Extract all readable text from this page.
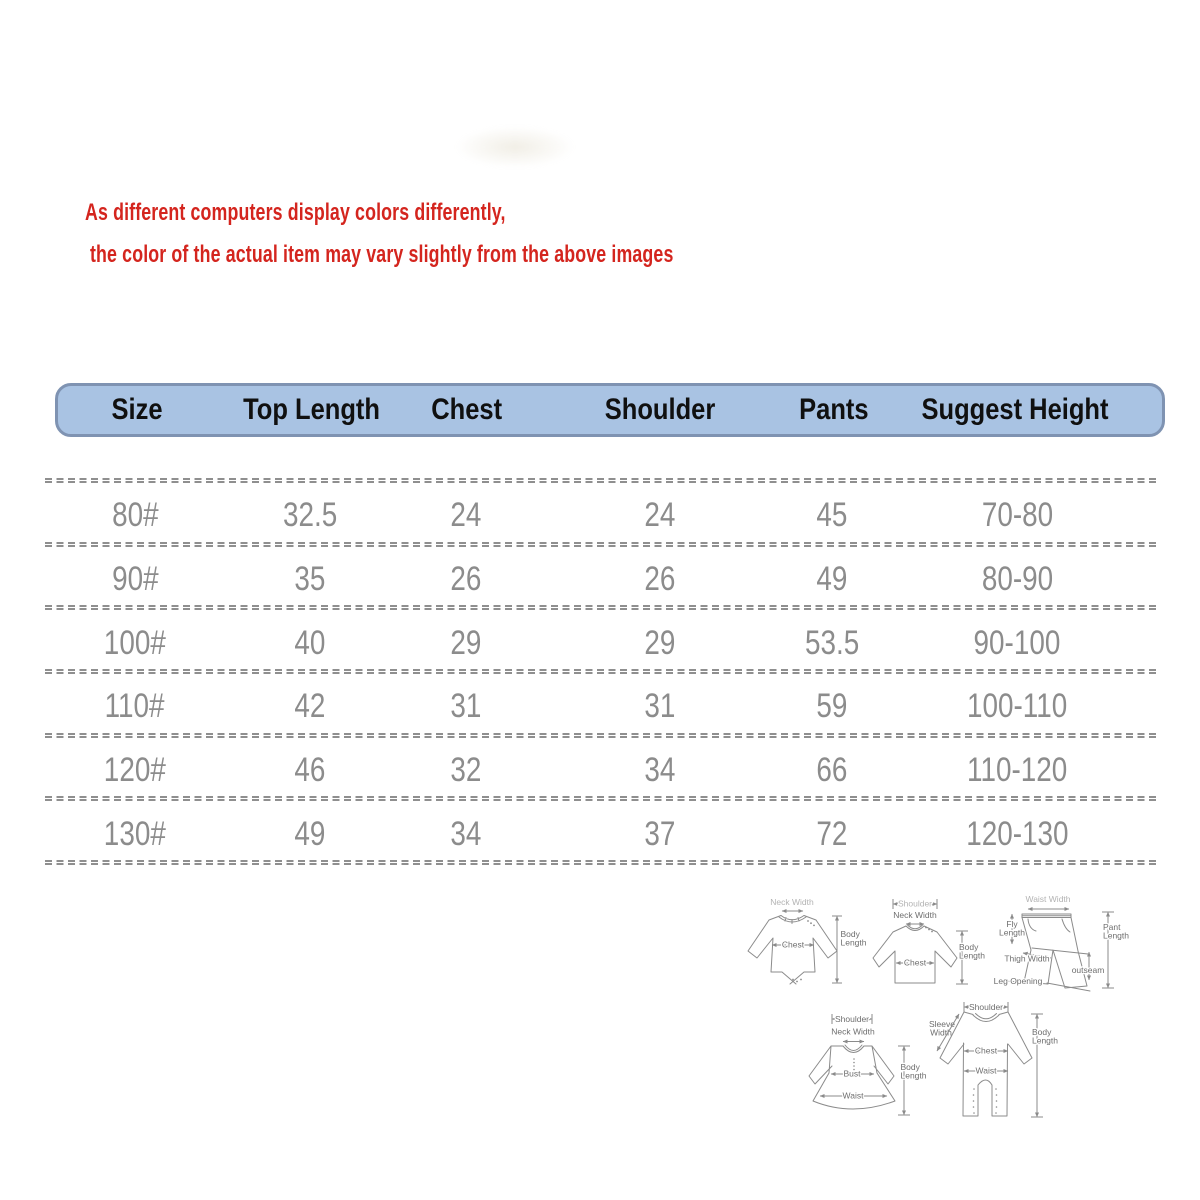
As different computers display colors differently,
the color of the actual item may vary slightly from the above images
Size	Top Length	Chest	Shoulder	Pants	Suggest Height
80#	32.5	24	24	45	70-80
90#	35	26	26	49	80-90
100#	40	29	29	53.5	90-100
110#	42	31	31	59	100-110
120#	46	32	34	66	110-120
130#	49	34	37	72	120-130
Neck Width
Chest
Body
Length
Shoulder
Neck Width
Chest
Body
Length
Waist Width
Fly
Length
Thigh Width
Leg Opening
outseam
Pant
Length
Shoulder
Neck Width
Bust
Waist
Body
Length
Shoulder
Sleeve
Width
Chest
Waist
Body
Length
